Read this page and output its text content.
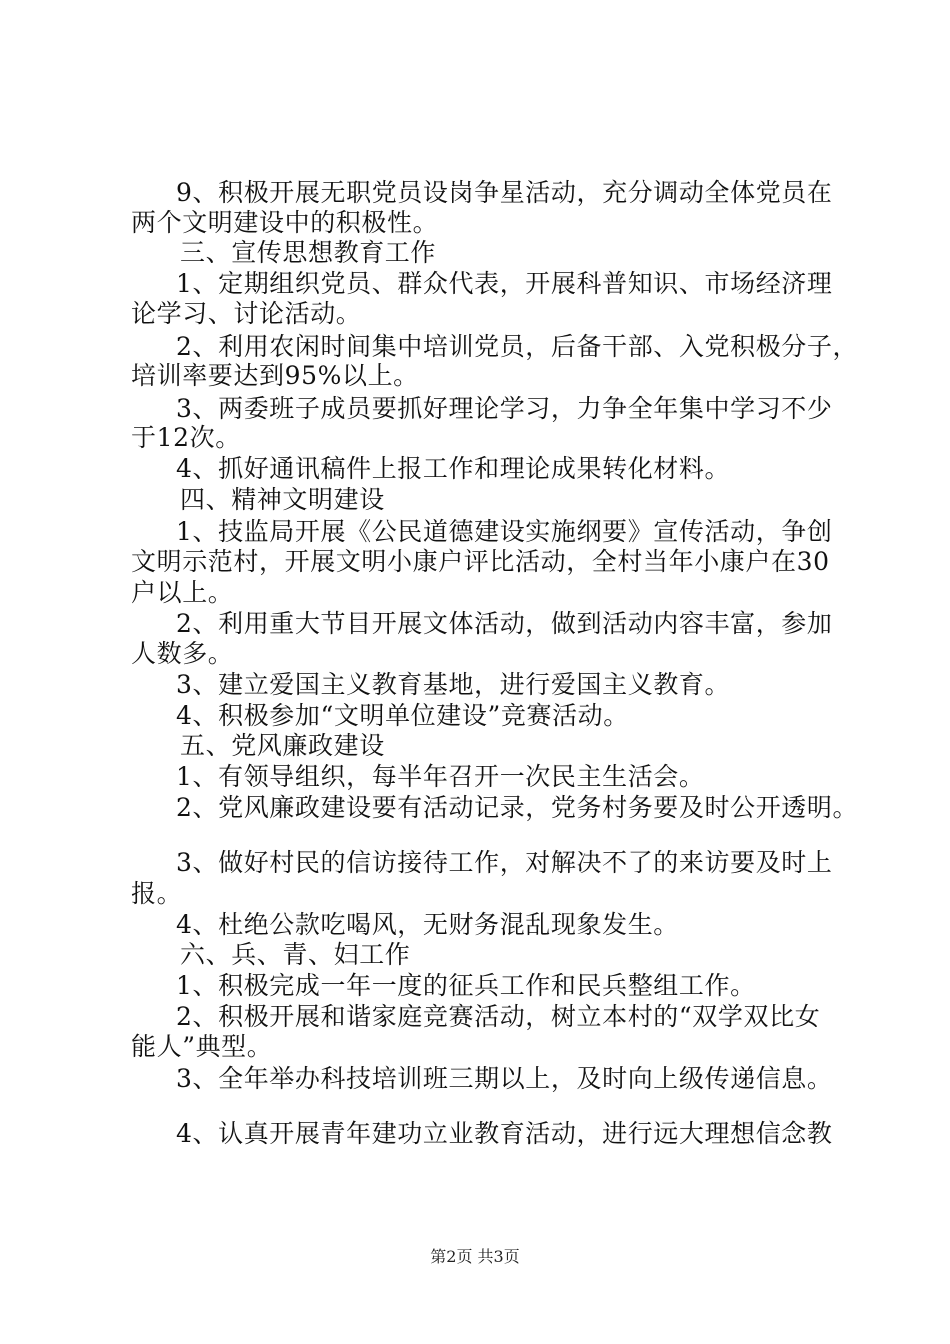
9、积极开展无职党员设岗争星活动，充分调动全体党员在
两个文明建设中的积极性。
三、宣传思想教育工作
1、定期组织党员、群众代表，开展科普知识、市场经济理
论学习、讨论活动。
2、利用农闲时间集中培训党员，后备干部、入党积极分子，
培训率要达到95%以上。
3、两委班子成员要抓好理论学习，力争全年集中学习不少
于12次。
4、抓好通讯稿件上报工作和理论成果转化材料。
四、精神文明建设
1、技监局开展《公民道德建设实施纲要》宣传活动，争创
文明示范村，开展文明小康户评比活动，全村当年小康户在30
户以上。
2、利用重大节目开展文体活动，做到活动内容丰富，参加
人数多。
3、建立爱国主义教育基地，进行爱国主义教育。
4、积极参加“文明单位建设”竞赛活动。
五、党风廉政建设
1、有领导组织，每半年召开一次民主生活会。
2、党风廉政建设要有活动记录，党务村务要及时公开透明。
3、做好村民的信访接待工作，对解决不了的来访要及时上
报。
4、杜绝公款吃喝风，无财务混乱现象发生。
六、兵、青、妇工作
1、积极完成一年一度的征兵工作和民兵整组工作。
2、积极开展和谐家庭竞赛活动，树立本村的“双学双比女
能人”典型。
3、全年举办科技培训班三期以上，及时向上级传递信息。
4、认真开展青年建功立业教育活动，进行远大理想信念教
第2页 共3页
